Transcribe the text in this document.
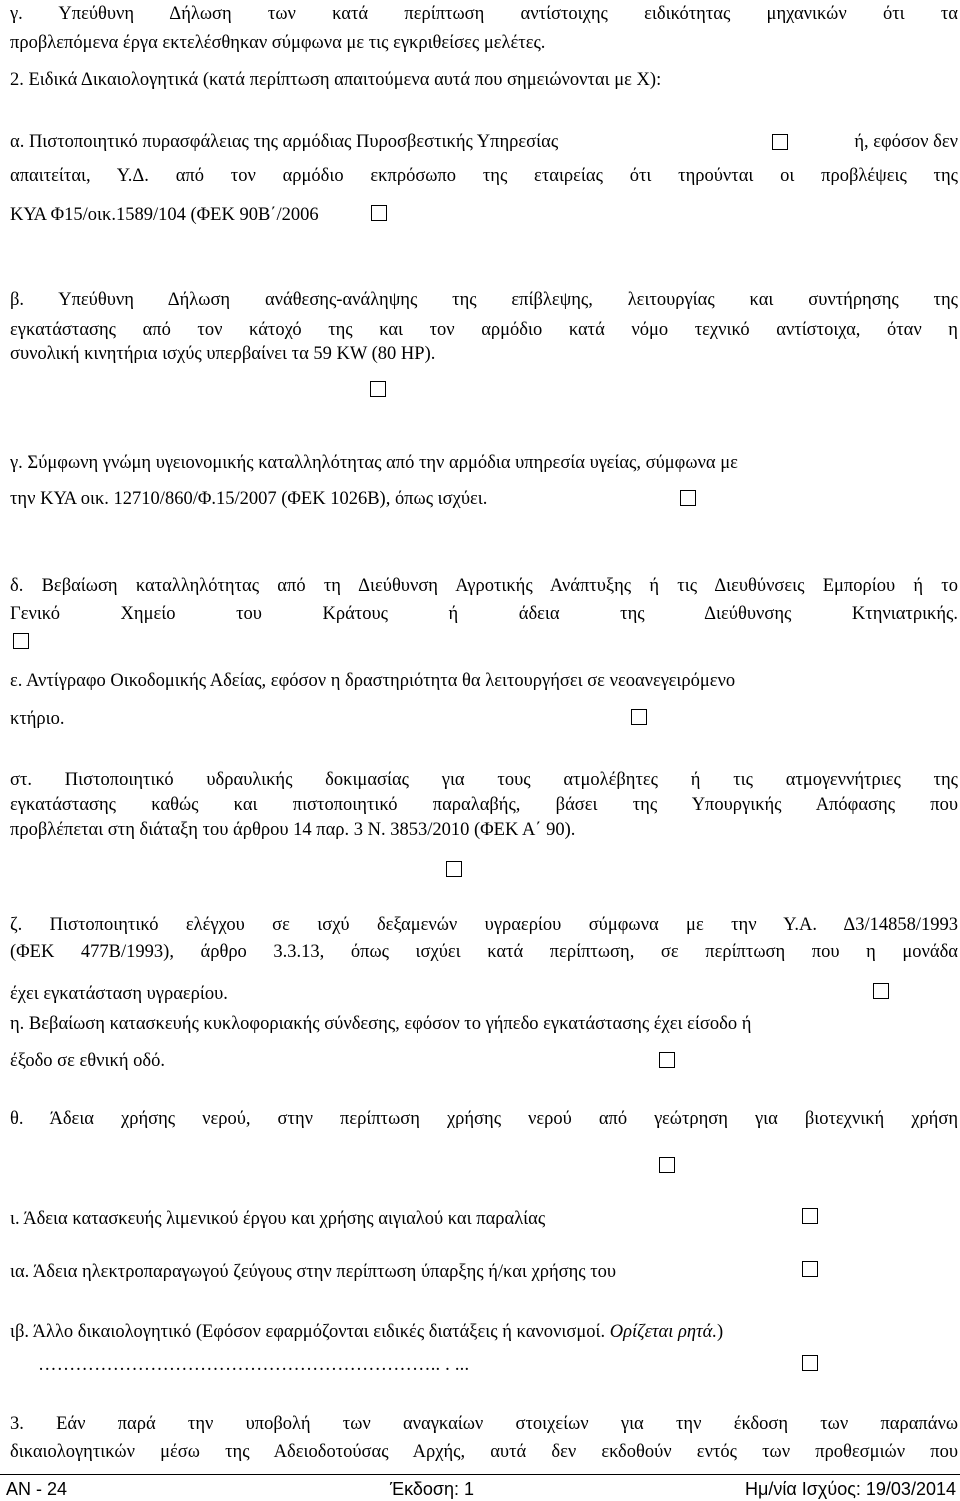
γ. Υπεύθυνη Δήλωση των κατά περίπτωση αντίστοιχης ειδικότητας μηχανικών ότι τα
προβλεπόμενα έργα εκτελέσθηκαν σύμφωνα με τις εγκριθείσες μελέτες.
2. Ειδικά Δικαιολογητικά (κατά περίπτωση απαιτούμενα αυτά που σημειώνονται με Χ):
α. Πιστοποιητικό πυρασφάλειας της αρμόδιας Πυροσβεστικής Υπηρεσίας	ή, εφόσον δεν
απαιτείται, Υ.Δ. από τον αρμόδιο εκπρόσωπο της εταιρείας ότι τηρούνται οι προβλέψεις της
ΚΥΑ Φ15/οικ.1589/104 (ΦΕΚ 90Β΄/2006
β. Υπεύθυνη Δήλωση ανάθεσης-ανάληψης της επίβλεψης, λειτουργίας και συντήρησης της
εγκατάστασης από τον κάτοχό της και τον αρμόδιο κατά νόμο τεχνικό αντίστοιχα, όταν η
συνολική κινητήρια ισχύς υπερβαίνει τα 59 KW (80 HP).
γ. Σύμφωνη γνώμη υγειονομικής καταλληλότητας από την αρμόδια υπηρεσία υγείας, σύμφωνα με
την ΚΥΑ οικ. 12710/860/Φ.15/2007 (ΦΕΚ 1026Β), όπως ισχύει.
δ. Βεβαίωση καταλληλότητας από τη Διεύθυνση Αγροτικής Ανάπτυξης ή τις Διευθύνσεις Εμπορίου ή το
Γενικό Χημείο του Κράτους ή άδεια της Διεύθυνσης Κτηνιατρικής.
ε. Αντίγραφο Οικοδομικής Αδείας, εφόσον η δραστηριότητα θα λειτουργήσει σε νεοανεγειρόμενο
κτήριο.
στ. Πιστοποιητικό υδραυλικής δοκιμασίας για τους ατμολέβητες ή τις ατμογεννήτριες της
εγκατάστασης καθώς και πιστοποιητικό παραλαβής, βάσει της Υπουργικής Απόφασης που
προβλέπεται στη διάταξη του άρθρου 14 παρ. 3 Ν. 3853/2010 (ΦΕΚ Α΄ 90).
ζ. Πιστοποιητικό ελέγχου σε ισχύ δεξαμενών υγραερίου σύμφωνα με την Υ.Α. Δ3/14858/1993
(ΦΕΚ 477Β/1993), άρθρο 3.3.13, όπως ισχύει κατά περίπτωση, σε περίπτωση που η μονάδα
έχει εγκατάσταση υγραερίου.
η. Βεβαίωση κατασκευής κυκλοφοριακής σύνδεσης, εφόσον το γήπεδο εγκατάστασης έχει είσοδο ή
έξοδο σε εθνική οδό.
θ. Άδεια χρήσης νερού, στην περίπτωση χρήσης νερού από γεώτρηση για βιοτεχνική χρήση
ι. Άδεια κατασκευής λιμενικού έργου και χρήσης αιγιαλού και παραλίας
ια. Άδεια ηλεκτροπαραγωγού ζεύγους στην περίπτωση ύπαρξης ή/και χρήσης του
ιβ. Άλλο δικαιολογητικό (Εφόσον εφαρμόζονται ειδικές διατάξεις ή κανονισμοί. Ορίζεται ρητά.)
……………………………………………………….. . ...
3. Εάν παρά την υποβολή των αναγκαίων στοιχείων για την έκδοση των παραπάνω
δικαιολογητικών μέσω της Αδειοδοτούσας Αρχής, αυτά δεν εκδοθούν εντός των προθεσμιών που
ΑΝ - 24	Έκδοση: 1	Ημ/νία Ισχύος: 19/03/2014
